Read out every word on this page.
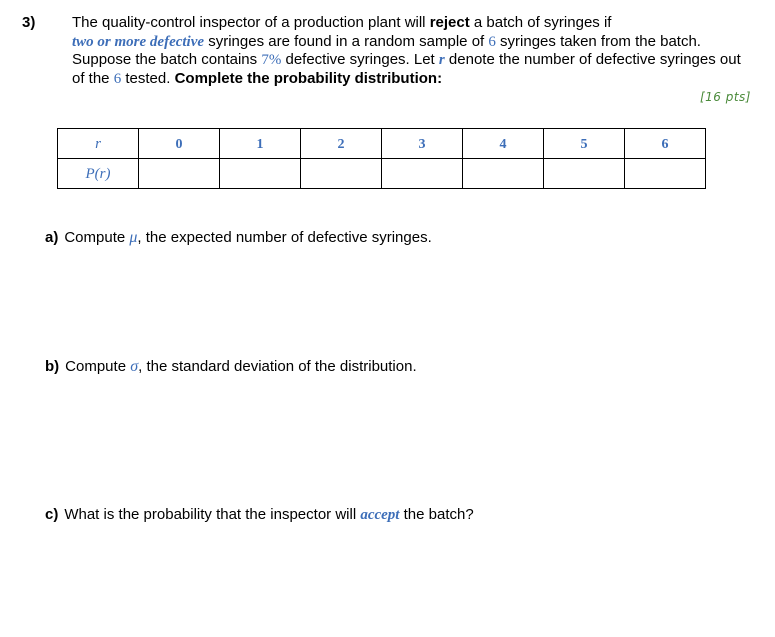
3) The quality-control inspector of a production plant will reject a batch of syringes if
two or more defective syringes are found in a random sample of 6 syringes taken from the batch. Suppose the batch contains 7% defective syringes. Let r denote the number of defective syringes out of the 6 tested. Complete the probability distribution:
[16 pts]
r	0	1	2	3	4	5	6
P(r)							
a) Compute μ, the expected number of defective syringes.
b) Compute σ, the standard deviation of the distribution.
c) What is the probability that the inspector will accept the batch?
